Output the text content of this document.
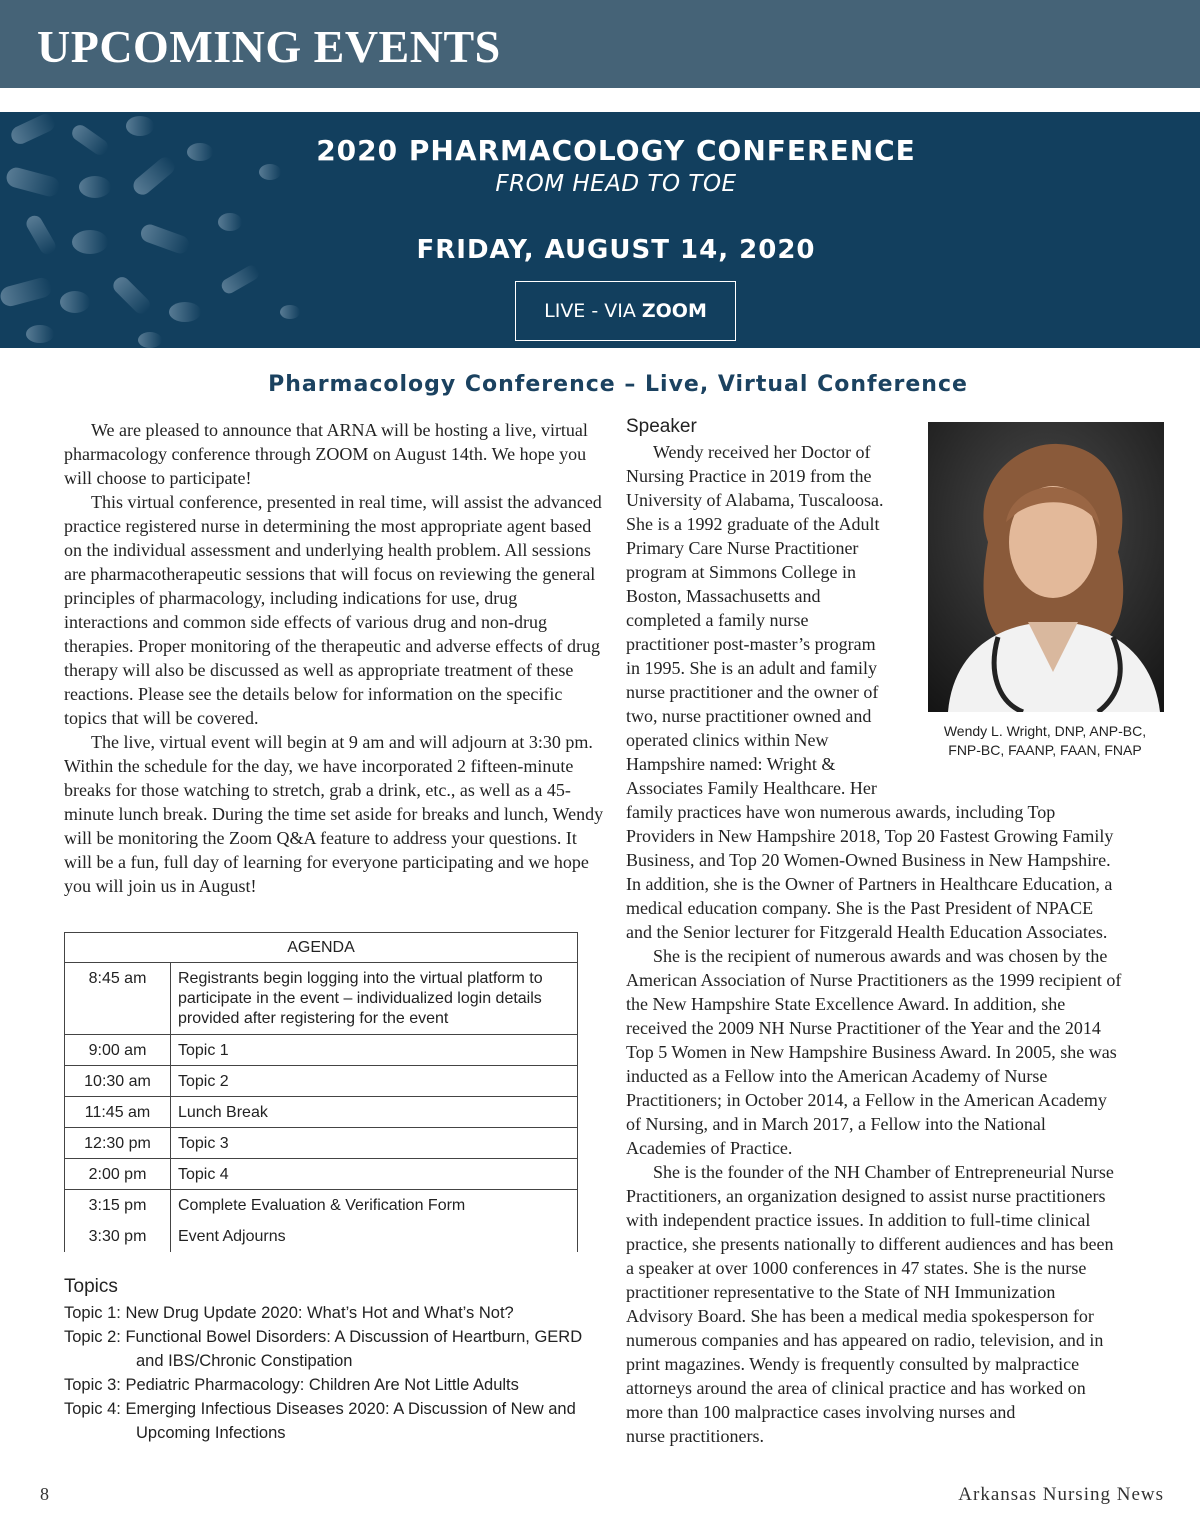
UPCOMING EVENTS
2020 PHARMACOLOGY CONFERENCE
FROM HEAD TO TOE
FRIDAY, AUGUST 14, 2020
LIVE - VIA ZOOM
Pharmacology Conference – Live, Virtual Conference

We are pleased to announce that ARNA will be hosting a live, virtual pharmacology conference through ZOOM on August 14th. We hope you will choose to participate!

This virtual conference, presented in real time, will assist the advanced practice registered nurse in determining the most appropriate agent based on the individual assessment and underlying health problem. All sessions are pharmacotherapeutic sessions that will focus on reviewing the general principles of pharmacology, including indications for use, drug interactions and common side effects of various drug and non-drug therapies. Proper monitoring of the therapeutic and adverse effects of drug therapy will also be discussed as well as appropriate treatment of these reactions. Please see the details below for information on the specific topics that will be covered.

The live, virtual event will begin at 9 am and will adjourn at 3:30 pm. Within the schedule for the day, we have incorporated 2 fifteen-minute breaks for those watching to stretch, grab a drink, etc., as well as a 45-minute lunch break. During the time set aside for breaks and lunch, Wendy will be monitoring the Zoom Q&A feature to address your questions. It will be a fun, full day of learning for everyone participating and we hope you will join us in August!

AGENDA	
8:45 am	Registrants begin logging into the virtual platform to participate in the event – individualized login details provided after registering for the event
9:00 am	Topic 1
10:30 am	Topic 2
11:45 am	Lunch Break
12:30 pm	Topic 3
2:00 pm	Topic 4
3:15 pm	Complete Evaluation & Verification Form
3:30 pm	Event Adjourns
Topics
Topic 1: New Drug Update 2020: What’s Hot and What’s Not?
Topic 2: Functional Bowel Disorders: A Discussion of Heartburn, GERD and IBS/Chronic Constipation
Topic 3: Pediatric Pharmacology: Children Are Not Little Adults
Topic 4: Emerging Infectious Diseases 2020: A Discussion of New and Upcoming Infections
Speaker
Wendy L. Wright, DNP, ANP-BC,
FNP-BC, FAANP, FAAN, FNAP
Wendy received her Doctor of
Nursing Practice in 2019 from the
University of Alabama, Tuscaloosa.
She is a 1992 graduate of the Adult
Primary Care Nurse Practitioner
program at Simmons College in
Boston, Massachusetts and
completed a family nurse
practitioner post-master’s program
in 1995. She is an adult and family
nurse practitioner and the owner of
two, nurse practitioner owned and
operated clinics within New
Hampshire named: Wright &
Associates Family Healthcare. Her
family practices have won numerous awards, including Top
Providers in New Hampshire 2018, Top 20 Fastest Growing Family
Business, and Top 20 Women-Owned Business in New Hampshire.
In addition, she is the Owner of Partners in Healthcare Education, a
medical education company. She is the Past President of NPACE
and the Senior lecturer for Fitzgerald Health Education Associates.
She is the recipient of numerous awards and was chosen by the
American Association of Nurse Practitioners as the 1999 recipient of
the New Hampshire State Excellence Award. In addition, she
received the 2009 NH Nurse Practitioner of the Year and the 2014
Top 5 Women in New Hampshire Business Award. In 2005, she was
inducted as a Fellow into the American Academy of Nurse
Practitioners; in October 2014, a Fellow in the American Academy
of Nursing, and in March 2017, a Fellow into the National
Academies of Practice.
She is the founder of the NH Chamber of Entrepreneurial Nurse
Practitioners, an organization designed to assist nurse practitioners
with independent practice issues. In addition to full-time clinical
practice, she presents nationally to different audiences and has been
a speaker at over 1000 conferences in 47 states. She is the nurse
practitioner representative to the State of NH Immunization
Advisory Board. She has been a medical media spokesperson for
numerous companies and has appeared on radio, television, and in
print magazines. Wendy is frequently consulted by malpractice
attorneys around the area of clinical practice and has worked on
more than 100 malpractice cases involving nurses and
nurse practitioners.
8	Arkansas Nursing News
